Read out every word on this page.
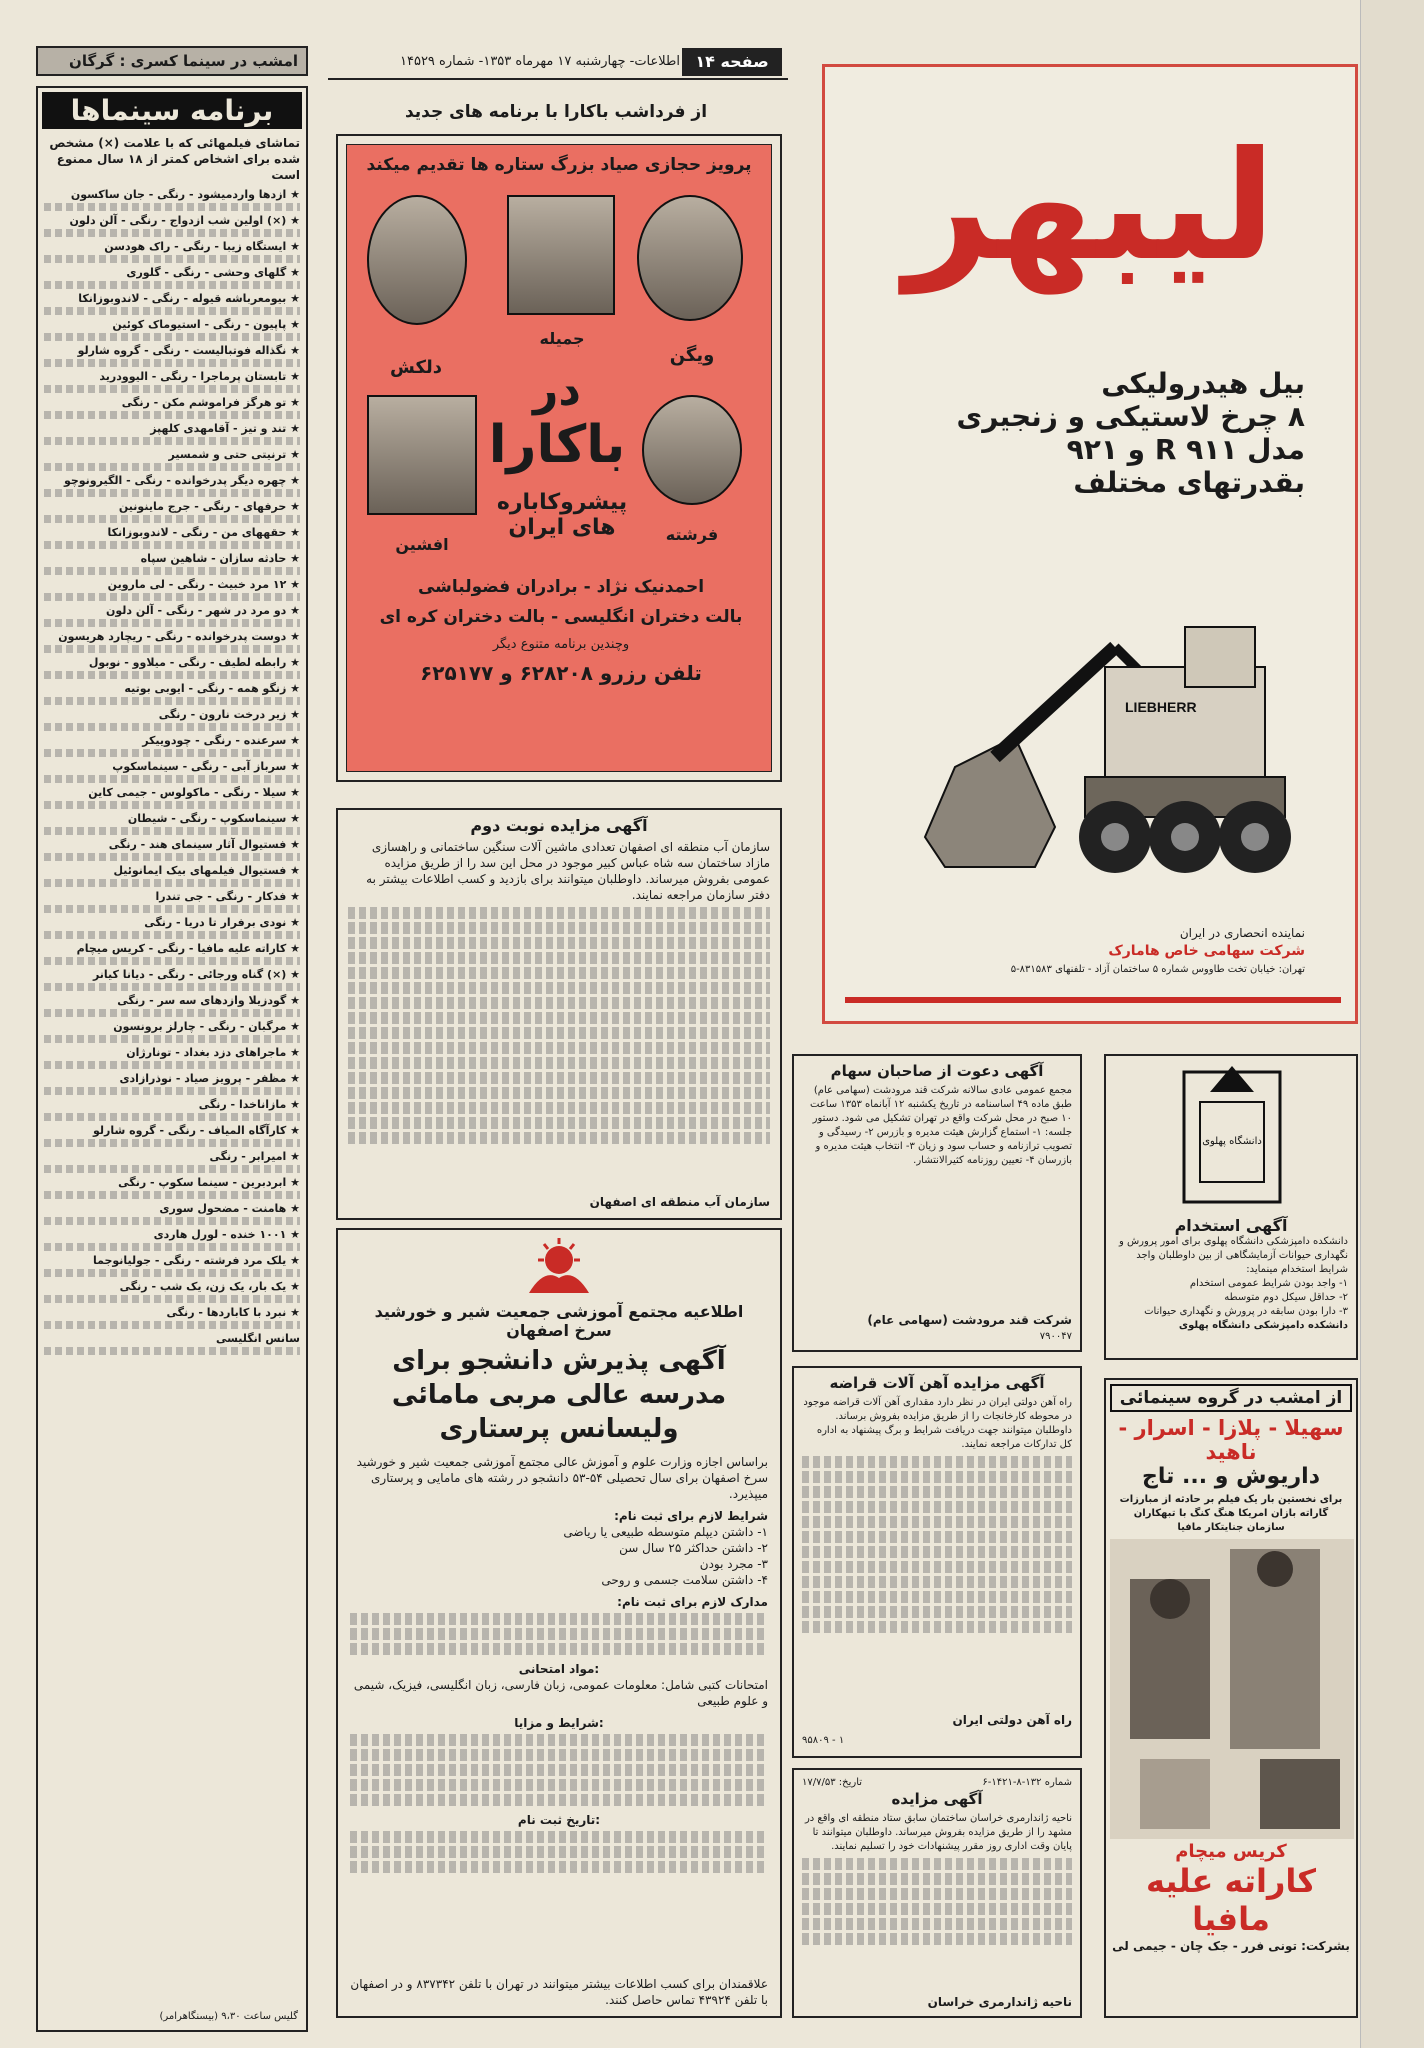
امشب در سینما کسری : گرگان	اطلاعات- چهارشنبه ۱۷ مهرماه ۱۳۵۳- شماره ۱۴۵۲۹ صفحه ۱۴
برنامه سینماها
تماشای فیلمهائی که با علامت (×) مشخص شده برای اشخاص کمتر از ۱۸ سال ممنوع است
★ ازدها واردمیشود - رنگی - جان ساکسون
★ (×) اولین شب ازدواج - رنگی - آلن دلون
★ ایستگاه زیبا - رنگی - راک هودسن
★ گلهای وحشی - رنگی - گلوری
★ بیومعرباشه قیوله - رنگی - لاندوبوزانکا
★ پاپیون - رنگی - استیوماک کوئین
★ نگذاله فوتبالیست - رنگی - گروه شارلو
★ تابستان پرماجرا - رنگی - الیوودرید
★ تو هرگز فراموشم مکن - رنگی
★ تند و تیز - آقامهدی کلهپز
★ ترنیتی حتی و شمسیر
★ چهره دیگر پدرخوانده - رنگی - الگیرونوچو
★ حرفهای - رنگی - جرج ماینونین
★ حقههای من - رنگی - لاندوبوزانکا
★ حادثه سازان - شاهین سپاه
★ ۱۲ مرد خبیث - رنگی - لی ماروین
★ دو مرد در شهر - رنگی - آلن دلون
★ دوست پدرخوانده - رنگی - ریچارد هریسون
★ رابطه لطیف - رنگی - میلاوو - نوبول
★ زنگو همه - رنگی - ایوبی بوتیه
★ زیر درخت نارون - رنگی
★ سرعنده - رنگی - چودوییکر
★ سرباز آبی - رنگی - سینماسکوپ
★ سیلا - رنگی - ماکولوس - جیمی کاین
★ سینماسکوپ - رنگی - شیطان
★ فستیوال آثار سینمای هند - رنگی
★ فستیوال فیلمهای بیک ایمانوئیل
★ فدکار - رنگی - جی تندرا
★ نودی برفرار تا دریا - رنگی
★ کاراته علیه مافیا - رنگی - کریس میچام
★ (×) گناه ورجائی - رنگی - دیانا کیانر
★ گودزیلا وازدهای سه سر - رنگی
★ مرگبان - رنگی - چارلز برونسون
★ ماجراهای دزد بغداد - تونارژان
★ مظفر - پرویز صیاد - نوذرازادی
★ مازاناخدا - رنگی
★ کارآگاه المیاف - رنگی - گروه شارلو
★ امیرابر - رنگی
★ ابردبرین - سینما سکوپ - رنگی
★ هامنت - مضحول سوری
★ ۱۰۰۱ خنده - لورل هاردی
★ یلک مرد فرشته - رنگی - جولیانوجما
★ یک بار، یک زن، یک شب - رنگی
★ نبرد با کاباردها - رنگی
سانس انگلیسی
گلیس ساعت ۹،۳۰ (بیسنگاهرامر)
از فرداشب باکارا با برنامه های جدید
پرویز حجازی صیاد بزرگ ستاره ها تقدیم میکند
ویگن
جمیله
دلکش	در
باکارا
پیشروکاباره های ایران	فرشته
افشین
احمدنیک نژاد - برادران فضولباشی
بالت دختران انگلیسی - بالت دختران کره ای
وچندین برنامه متنوع دیگر
تلفن رزرو ۶۲۸۲۰۸ و ۶۲۵۱۷۷
آگهی مزایده نوبت دوم
سازمان آب منطقه ای اصفهان تعدادی ماشین آلات سنگین ساختمانی و راهسازی مازاد ساختمان سه شاه عباس کبیر موجود در محل این سد را از طریق مزایده عمومی بفروش میرساند. داوطلبان میتوانند برای بازدید و کسب اطلاعات بیشتر به دفتر سازمان مراجعه نمایند.
سازمان آب منطقه ای اصفهان
ليبهر
بیل هیدرولیکی
۸ چرخ لاستیکی و زنجیری
مدل ۹۱۱ R و ۹۲۱
بقدرتهای مختلف
LIEBHERR
نماینده انحصاری در ایران
شرکت سهامی خاص هامارک
تهران: خیابان تخت طاووس شماره ۵ ساختمان آزاد - تلفنهای ۸۳۱۵۸۳-۵
آگهی دعوت از صاحبان سهام
مجمع عمومی عادی سالانه شرکت قند مرودشت (سهامی عام) طبق ماده ۴۹ اساسنامه در تاریخ یکشنبه ۱۲ آبانماه ۱۳۵۳ ساعت ۱۰ صبح در محل شرکت واقع در تهران تشکیل می شود. دستور جلسه: ۱- استماع گزارش هیئت مدیره و بازرس ۲- رسیدگی و تصویب ترازنامه و حساب سود و زیان ۳- انتخاب هیئت مدیره و بازرسان ۴- تعیین روزنامه کثیرالانتشار.
شرکت قند مرودشت (سهامی عام)
۷۹۰۰۴۷
دانشگاه پهلوی
آگهی استخدام
دانشکده دامپزشکی دانشگاه پهلوی برای امور پرورش و نگهداری حیوانات آزمایشگاهی از بین داوطلبان واجد شرایط استخدام مینماید:
۱- واجد بودن شرایط عمومی استخدام
۲- حداقل سیکل دوم متوسطه
۳- دارا بودن سابقه در پرورش و نگهداری حیوانات
دانشکده دامپزشکی دانشگاه پهلوی
اطلاعیه مجتمع آموزشی جمعیت شیر و خورشید سرخ اصفهان
آگهی پذیرش دانشجو برای مدرسه عالی مربی مامائی ولیسانس پرستاری
براساس اجازه وزارت علوم و آموزش عالی مجتمع آموزشی جمعیت شیر و خورشید سرخ اصفهان برای سال تحصیلی ۵۴-۵۳ دانشجو در رشته های مامایی و پرستاری میپذیرد.
شرایط لازم برای ثبت نام:
۱- داشتن دیپلم متوسطه طبیعی یا ریاضی
۲- داشتن حداکثر ۲۵ سال سن
۳- مجرد بودن
۴- داشتن سلامت جسمی و روحی
مدارک لازم برای ثبت نام:
مواد امتحانی:
امتحانات کتبی شامل: معلومات عمومی، زبان فارسی، زبان انگلیسی، فیزیک، شیمی و علوم طبیعی
شرایط و مزایا:
تاریخ ثبت نام:
علاقمندان برای کسب اطلاعات بیشتر میتوانند در تهران با تلفن ۸۳۷۳۴۲ و در اصفهان با تلفن ۴۳۹۲۴ تماس حاصل کنند.
آگهی مزایده آهن آلات قراضه
راه آهن دولتی ایران در نظر دارد مقداری آهن آلات قراضه موجود در محوطه کارخانجات را از طریق مزایده بفروش برساند. داوطلبان میتوانند جهت دریافت شرایط و برگ پیشنهاد به اداره کل تدارکات مراجعه نمایند.
راه آهن دولتی ایران
۹۵۸۰۹ - ۱
شماره ۱۳۲-۸-۱۴۲۱-۶
تاریخ: ۱۷/۷/۵۳
آگهی مزایده
ناحیه ژاندارمری خراسان ساختمان سابق ستاد منطقه ای واقع در مشهد را از طریق مزایده بفروش میرساند. داوطلبان میتوانند تا پایان وقت اداری روز مقرر پیشنهادات خود را تسلیم نمایند.
ناحیه ژاندارمری خراسان
از امشب در گروه سینمائی
سهیلا - پلازا - اسرار - ناهید
داریوش و ... تاج
برای نخستین بار یک فیلم بر حادثه از مبارزات گاراته بازان امریکا هنگ کنگ با تبهکاران سازمان جنایتکار مافیا
کریس میچام
کاراته علیه مافیا
بشرکت: تونی فرر - جک چان - جیمی لی
